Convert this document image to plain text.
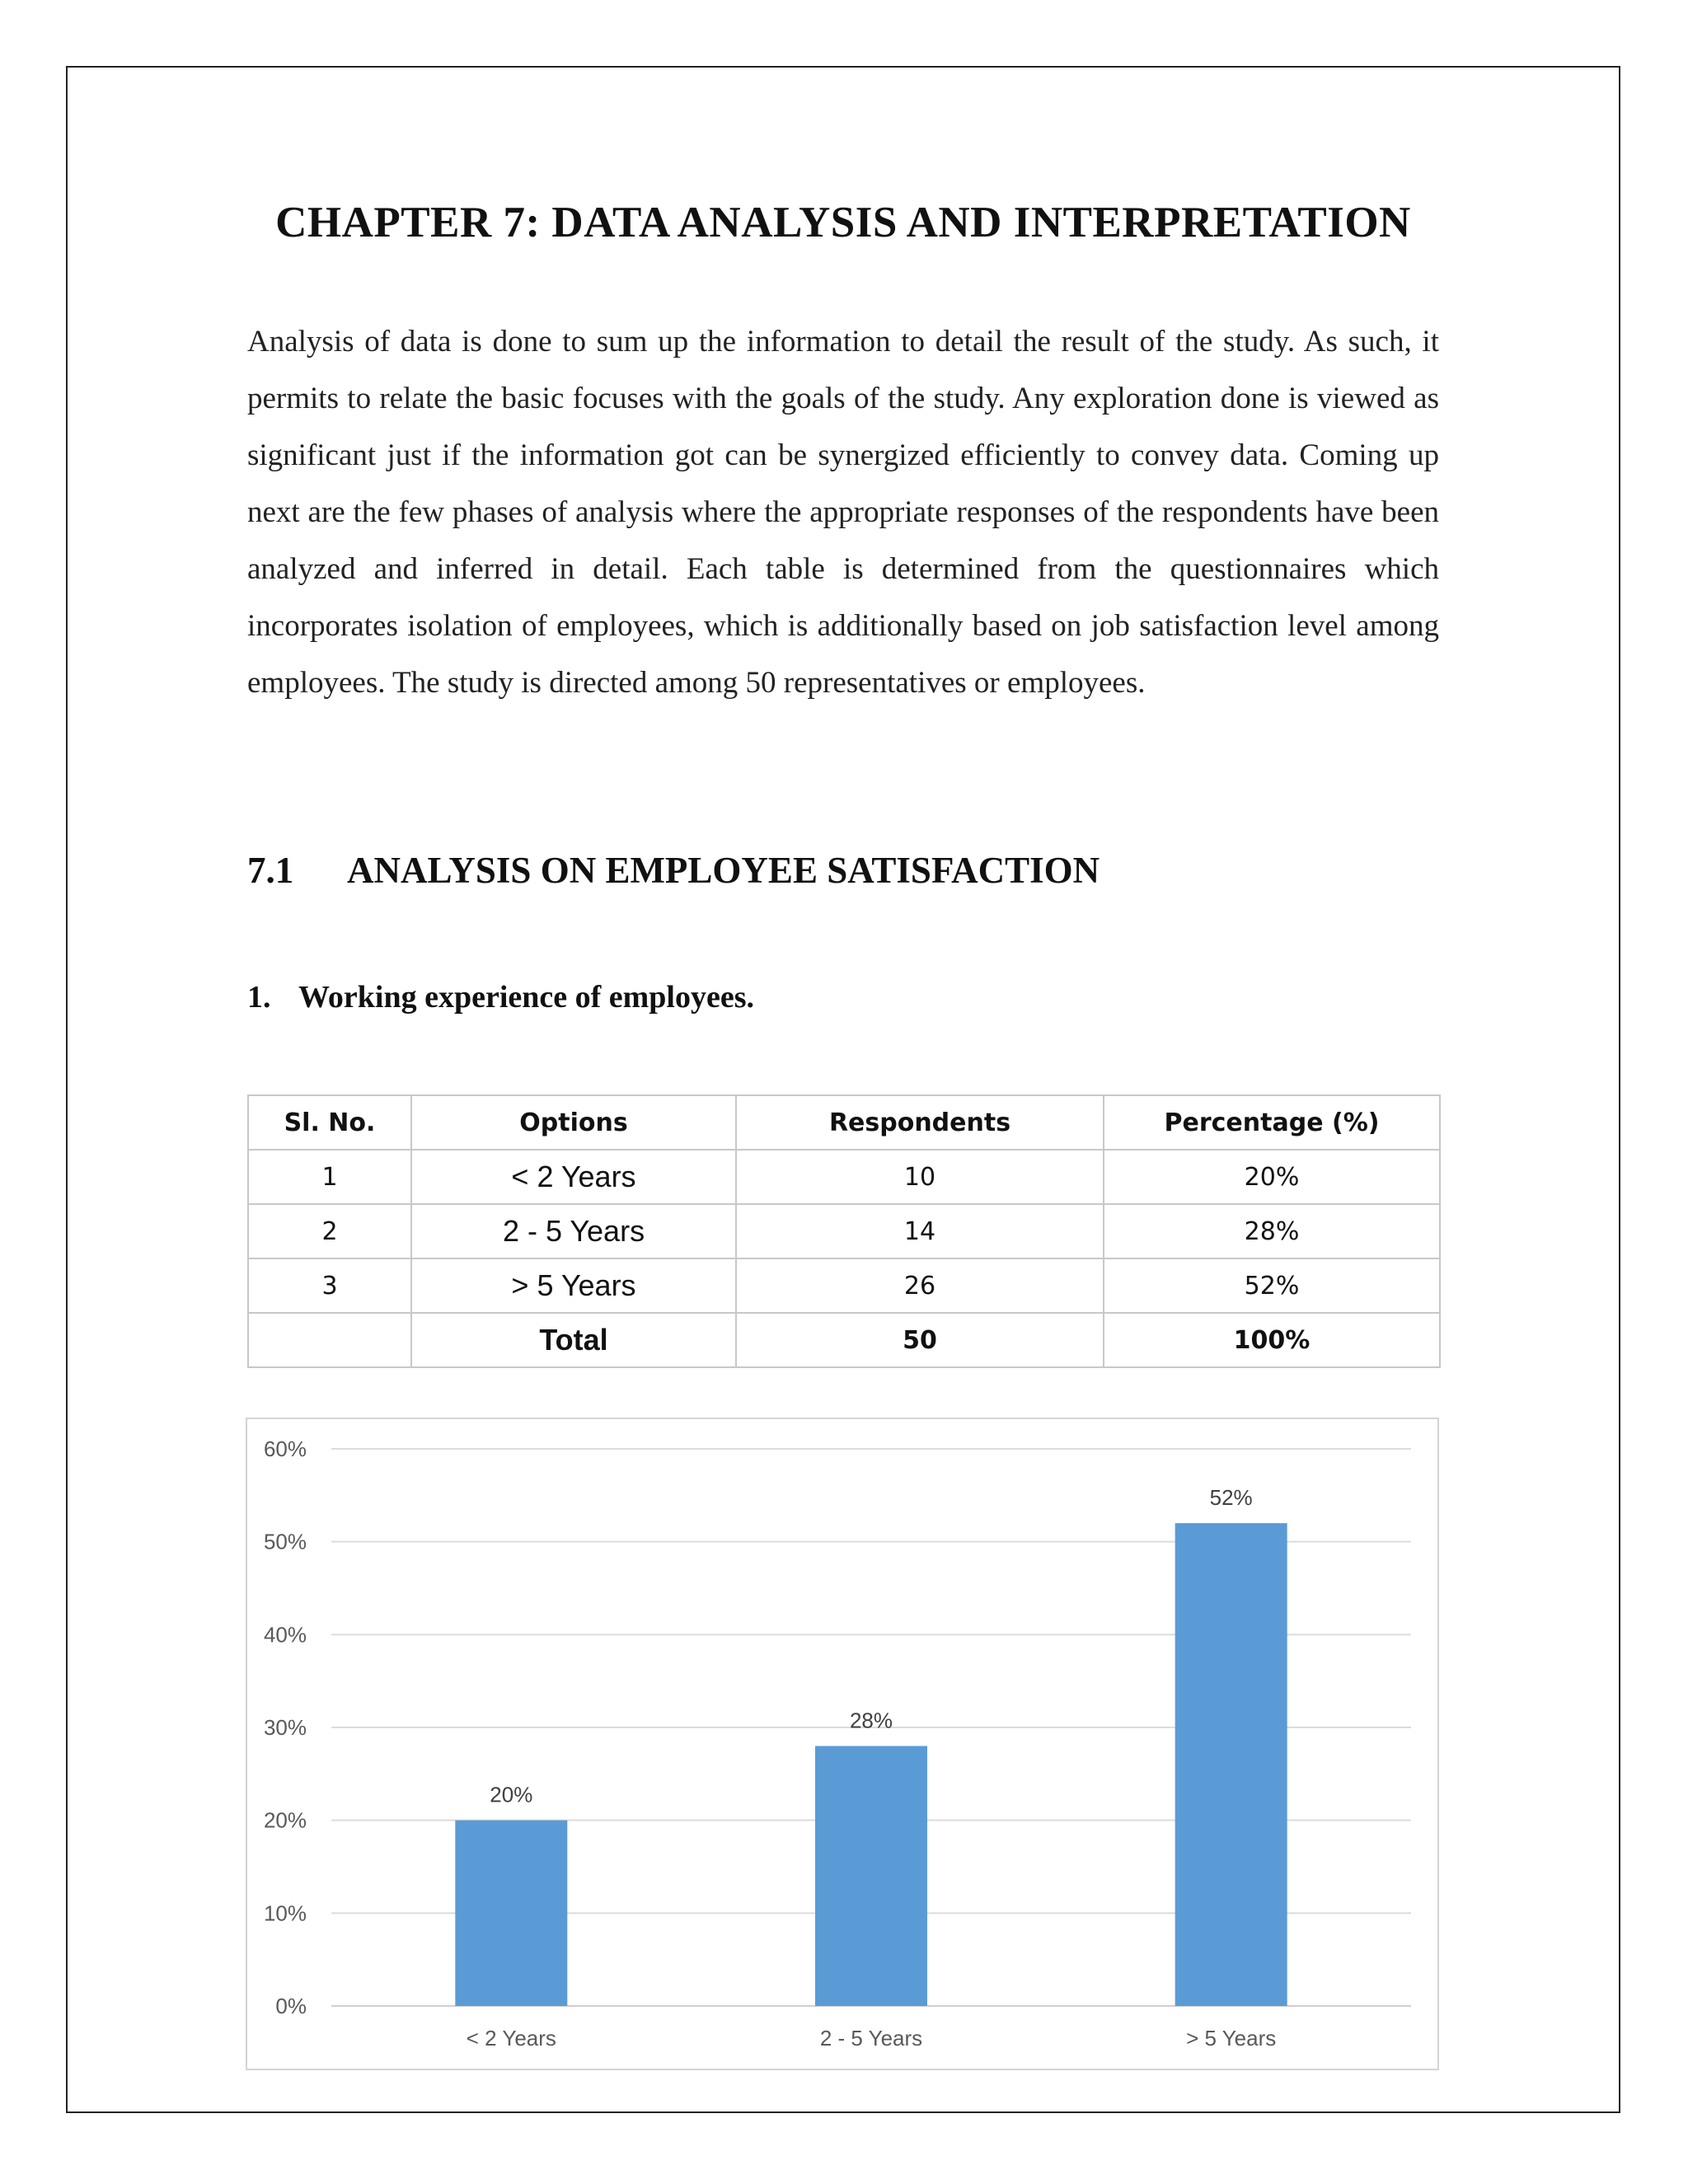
CHAPTER 7: DATA ANALYSIS AND INTERPRETATION

Analysis of data is done to sum up the information to detail the result of the study. As such, it permits to relate the basic focuses with the goals of the study. Any exploration done is viewed as significant just if the information got can be synergized efficiently to convey data. Coming up next are the few phases of analysis where the appropriate responses of the respondents have been analyzed and inferred in detail. Each table is determined from the questionnaires which incorporates isolation of employees, which is additionally based on job satisfaction level among employees. The study is directed among 50 representatives or employees.

7.1 ANALYSIS ON EMPLOYEE SATISFACTION
1. Working experience of employees.
Sl. No.	Options	Respondents	Percentage (%)
1	< 2 Years	10	20%
2	2 - 5 Years	14	28%
3	> 5 Years	26	52%
	Total	50	100%
0%
10%
20%
30%
40%
50%
60%
20%
< 2 Years
28%
2 - 5 Years
52%
> 5 Years
